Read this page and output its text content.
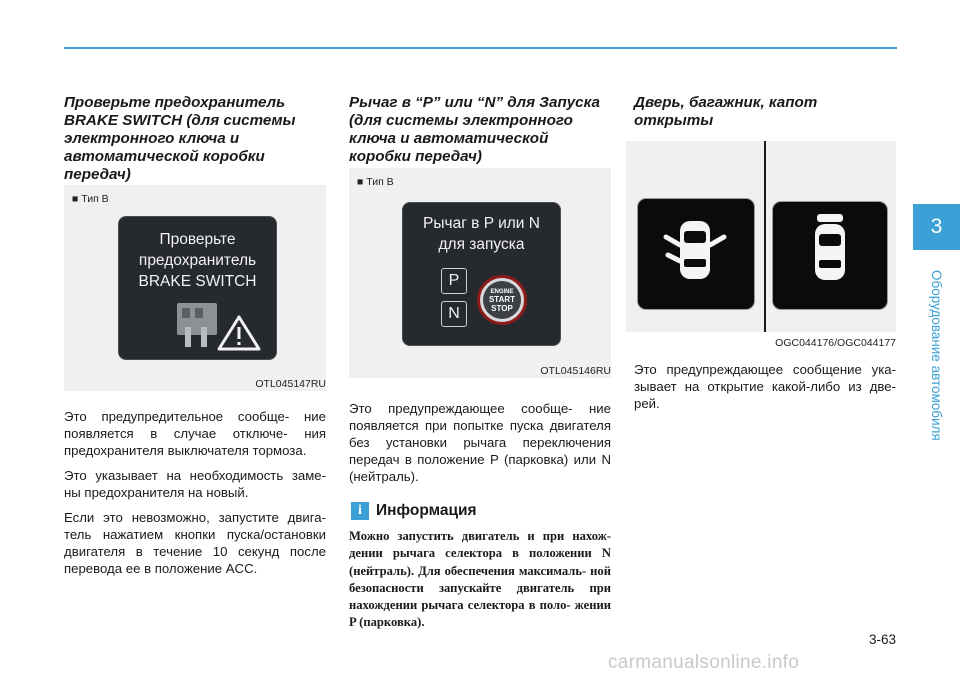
Проверьте предохранитель BRAKE SWITCH (для системы электронного ключа и автоматической коробки передач)
■ Тип B
Проверьте
предохранитель
BRAKE SWITCH
OTL045147RU

Это предупредительное сообще- ние появляется в случае отключе- ния предохранителя выключателя тормоза.

Это указывает на необходимость заме- ны предохранителя на новый.

Если это невозможно, запустите двига- тель нажатием кнопки пуска/остановки двигателя в течение 10 секунд после перевода ее в положение ACC.

Рычаг в “P” или “N” для Запуска (для системы электронного ключа и автоматической коробки передач)
■ Тип B
Рычаг в P или N
для запуска
P
N
ENGINE
START
STOP
OTL045146RU

Это предупреждающее сообще- ние появляется при попытке пуска двигателя без установки рычага переключения передач в положение P (парковка) или N (нейтраль).

i Информация
Можно запустить двигатель и при нахож- дении рычага селектора в положении N (нейтраль). Для обеспечения максималь- ной безопасности запускайте двигатель при нахождении рычага селектора в поло- жении P (парковка).
Дверь, багажник, капот открыты
OGC044176/OGC044177

Это предупреждающее сообщение ука- зывает на открытие какой-либо из две- рей.

3
Оборудование автомобиля
3-63
carmanualsonline.info
